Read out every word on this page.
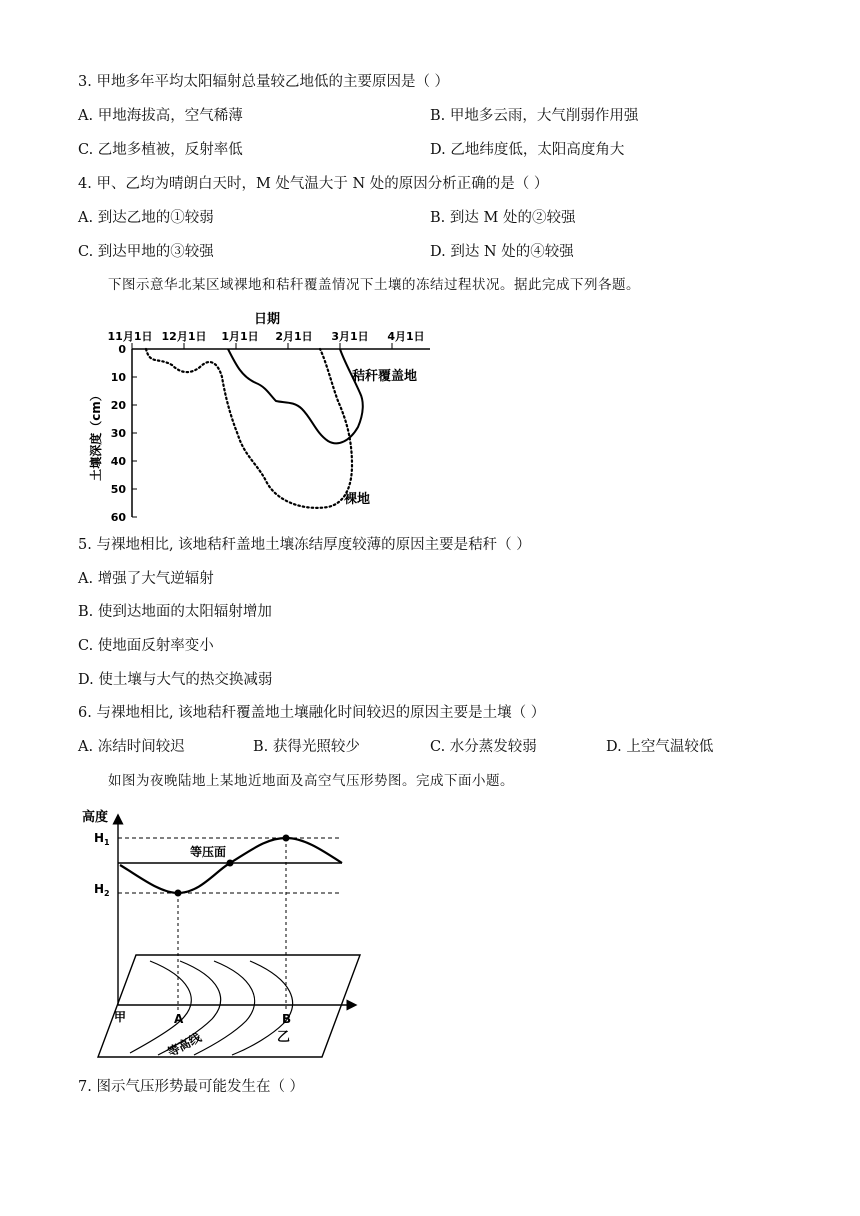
3. 甲地多年平均太阳辐射总量较乙地低的主要原因是（ ）
A. 甲地海拔高，空气稀薄	B. 甲地多云雨，大气削弱作用强
C. 乙地多植被，反射率低	D. 乙地纬度低，太阳高度角大
4. 甲、乙均为晴朗白天时，M 处气温大于 N 处的原因分析正确的是（ ）
A. 到达乙地的①较弱	B. 到达 M 处的②较强
C. 到达甲地的③较强	D. 到达 N 处的④较强
下图示意华北某区域裸地和秸秆覆盖情况下土壤的冻结过程状况。据此完成下列各题。
日期
11月1日 12月1日 1月1日 2月1日 3月1日 4月1日
0
10
20
30
40
50
60
土壤深度（cm）
秸秆覆盖地
裸地
5. 与裸地相比, 该地秸秆盖地土壤冻结厚度较薄的原因主要是秸秆（ ）
A. 增强了大气逆辐射
B. 使到达地面的太阳辐射增加
C. 使地面反射率变小
D. 使土壤与大气的热交换减弱
6. 与裸地相比, 该地秸秆覆盖地土壤融化时间较迟的原因主要是土壤（ ）
A. 冻结时间较迟	B. 获得光照较少	C. 水分蒸发较弱	D. 上空气温较低
如图为夜晚陆地上某地近地面及高空气压形势图。完成下面小题。
高度
$H_1$
$H_2$
等压面
甲	A	B
乙
等高线
7. 图示气压形势最可能发生在（ ）
